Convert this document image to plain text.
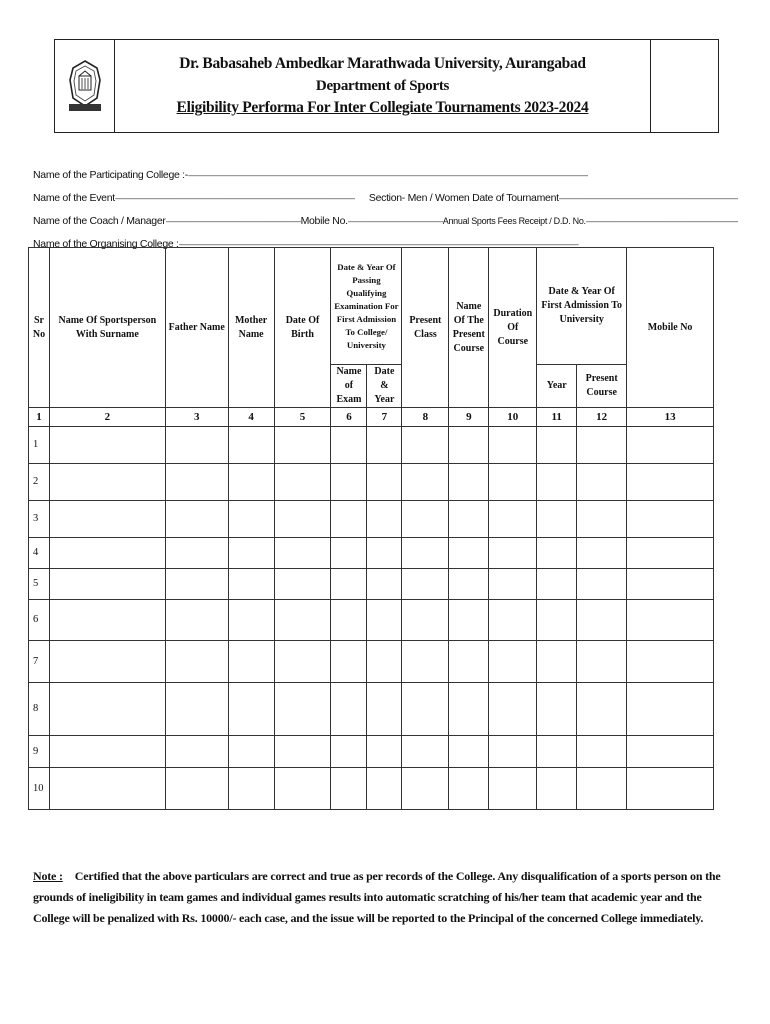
Dr. Babasaheb Ambedkar Marathwada University, Aurangabad
Department of Sports
Eligibility Performa For Inter Collegiate Tournaments 2023-2024
Name of the Participating College :-
-----
Name of the Event -----	Section- Men / Women Date of Tournament
-----
Name of the Coach / Manager -----	Mobile No. -----	Annual Sports Fees Receipt / D.D. No.
-----
Name of the Organising College :
-----
Sr No	Name Of Sportsperson With Surname	Father Name	Mother Name	Date Of Birth	Date & Year Of Passing Qualifying Examination For First Admission To College/ University		Present Class	Name Of The Present Course	Duration Of Course	Date & Year Of First Admission To University		Mobile No
					Name of Exam	Date & Year				Year	Present Course	
1	2	3	4	5	6	7	8	9	10	11	12	13
1												
2												
3												
4												
5												
6												
7												
8												
9												
10												
Note : Certified that the above particulars are correct and true as per records of the College. Any disqualification of a sports person on the grounds of ineligibility in team games and individual games results into automatic scratching of his/her team that academic year and the College will be penalized with Rs. 10000/- each case, and the issue will be reported to the Principal of the concerned College immediately.
